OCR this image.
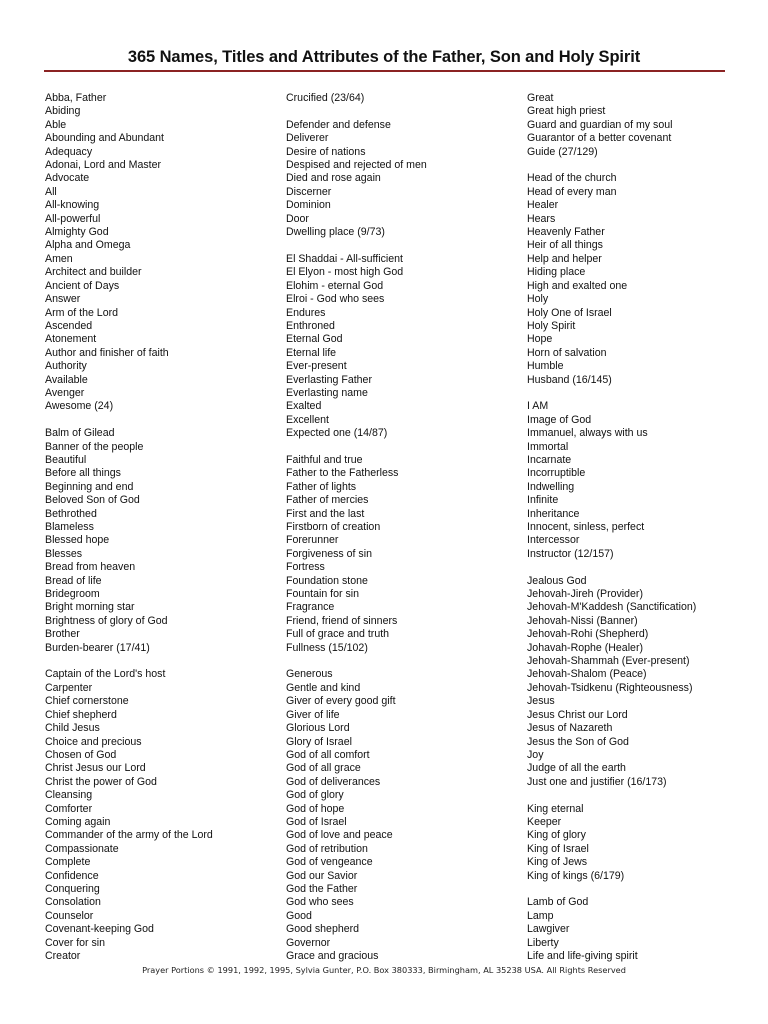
365 Names, Titles and Attributes of the Father, Son and Holy Spirit
Abba, Father
Abiding
Able
Abounding and Abundant
Adequacy
Adonai, Lord and Master
Advocate
All
All-knowing
All-powerful
Almighty God
Alpha and Omega
Amen
Architect and builder
Ancient of Days
Answer
Arm of the Lord
Ascended
Atonement
Author and finisher of faith
Authority
Available
Avenger
Awesome (24)
Balm of Gilead
Banner of the people
Beautiful
Before all things
Beginning and end
Beloved Son of God
Bethrothed
Blameless
Blessed hope
Blesses
Bread from heaven
Bread of life
Bridegroom
Bright morning star
Brightness of glory of God
Brother
Burden-bearer (17/41)
Captain of the Lord's host
Carpenter
Chief cornerstone
Chief shepherd
Child Jesus
Choice and precious
Chosen of God
Christ Jesus our Lord
Christ the power of God
Cleansing
Comforter
Coming again
Commander of the army of the Lord
Compassionate
Complete
Confidence
Conquering
Consolation
Counselor
Covenant-keeping God
Cover for sin
Creator
Crucified (23/64)
Defender and defense
Deliverer
Desire of nations
Despised and rejected of men
Died and rose again
Discerner
Dominion
Door
Dwelling place (9/73)
El Shaddai - All-sufficient
El Elyon - most high God
Elohim - eternal God
Elroi - God who sees
Endures
Enthroned
Eternal God
Eternal life
Ever-present
Everlasting Father
Everlasting name
Exalted
Excellent
Expected one (14/87)
Faithful and true
Father to the Fatherless
Father of lights
Father of mercies
First and the last
Firstborn of creation
Forerunner
Forgiveness of sin
Fortress
Foundation stone
Fountain for sin
Fragrance
Friend, friend of sinners
Full of grace and truth
Fullness (15/102)
Generous
Gentle and kind
Giver of every good gift
Giver of life
Glorious Lord
Glory of Israel
God of all comfort
God of all grace
God of deliverances
God of glory
God of hope
God of Israel
God of love and peace
God of retribution
God of vengeance
God our Savior
God the Father
God who sees
Good
Good shepherd
Governor
Grace and gracious
Great
Great high priest
Guard and guardian of my soul
Guarantor of a better covenant
Guide (27/129)
Head of the church
Head of every man
Healer
Hears
Heavenly Father
Heir of all things
Help and helper
Hiding place
High and exalted one
Holy
Holy One of Israel
Holy Spirit
Hope
Horn of salvation
Humble
Husband (16/145)
I AM
Image of God
Immanuel, always with us
Immortal
Incarnate
Incorruptible
Indwelling
Infinite
Inheritance
Innocent, sinless, perfect
Intercessor
Instructor (12/157)
Jealous God
Jehovah-Jireh (Provider)
Jehovah-M'Kaddesh (Sanctification)
Jehovah-Nissi (Banner)
Jehovah-Rohi (Shepherd)
Johavah-Rophe (Healer)
Jehovah-Shammah (Ever-present)
Jehovah-Shalom (Peace)
Jehovah-Tsidkenu (Righteousness)
Jesus
Jesus Christ our Lord
Jesus of Nazareth
Jesus the Son of God
Joy
Judge of all the earth
Just one and justifier (16/173)
King eternal
Keeper
King of glory
King of Israel
King of Jews
King of kings (6/179)
Lamb of God
Lamp
Lawgiver
Liberty
Life and life-giving spirit
Prayer Portions © 1991, 1992, 1995, Sylvia Gunter, P.O. Box 380333, Birmingham, AL 35238 USA. All Rights Reserved
